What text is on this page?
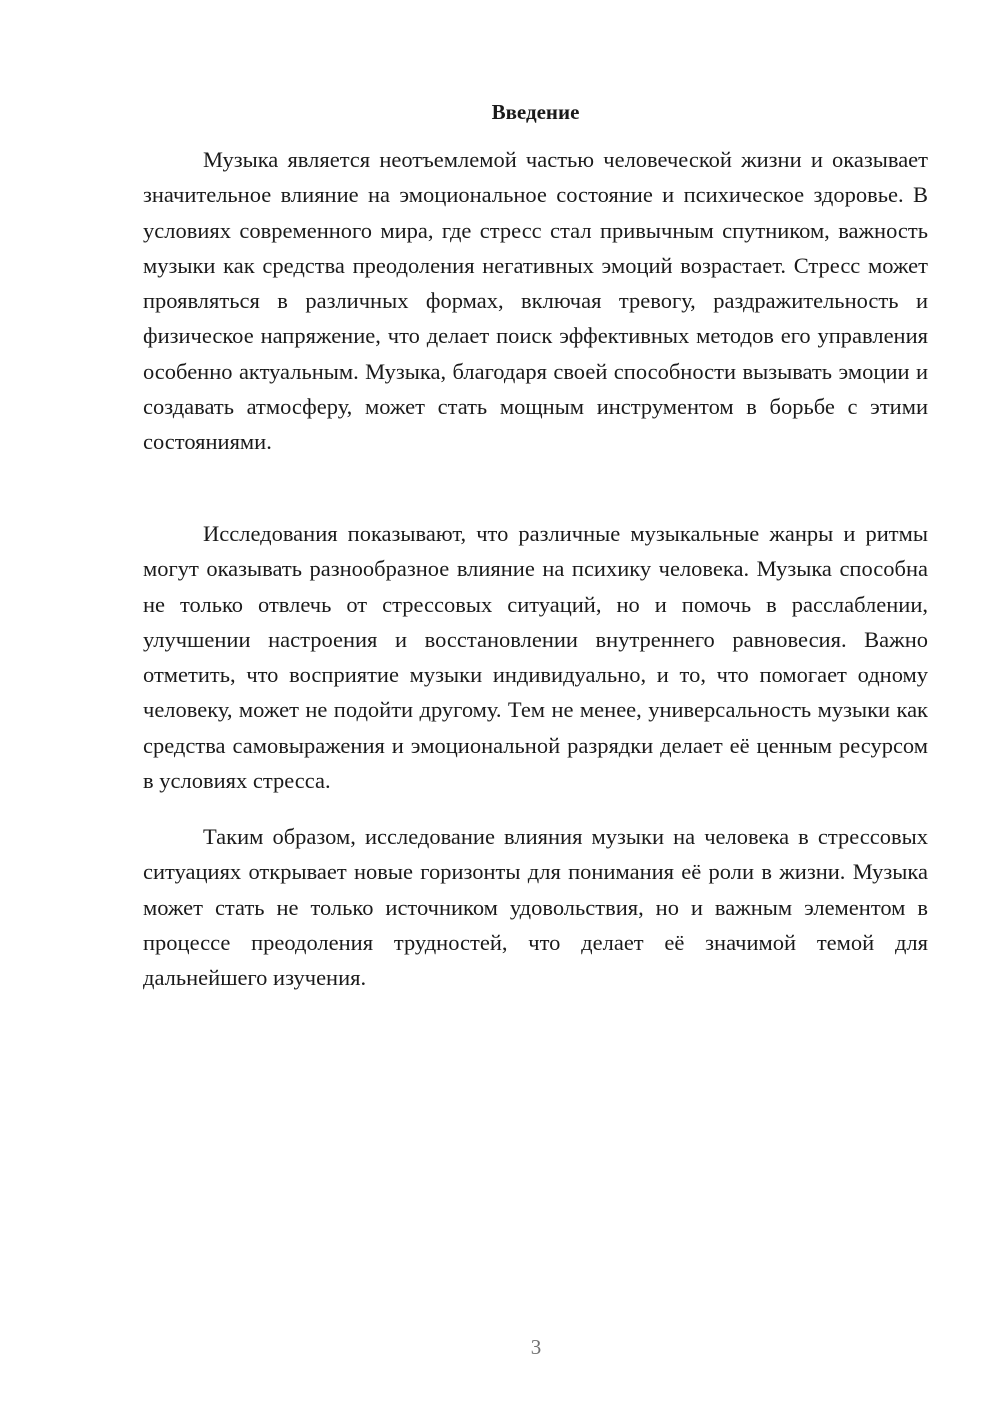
Введение

Музыка является неотъемлемой частью человеческой жизни и оказывает значительное влияние на эмоциональное состояние и психическое здоровье. В условиях современного мира, где стресс стал привычным спутником, важность музыки как средства преодоления негативных эмоций возрастает. Стресс может проявляться в различных формах, включая тревогу, раздражительность и физическое напряжение, что делает поиск эффективных методов его управления особенно актуальным. Музыка, благодаря своей способности вызывать эмоции и создавать атмосферу, может стать мощным инструментом в борьбе с этими состояниями.

Исследования показывают, что различные музыкальные жанры и ритмы могут оказывать разнообразное влияние на психику человека. Музыка способна не только отвлечь от стрессовых ситуаций, но и помочь в расслаблении, улучшении настроения и восстановлении внутреннего равновесия. Важно отметить, что восприятие музыки индивидуально, и то, что помогает одному человеку, может не подойти другому. Тем не менее, универсальность музыки как средства самовыражения и эмоциональной разрядки делает её ценным ресурсом в условиях стресса.

Таким образом, исследование влияния музыки на человека в стрессовых ситуациях открывает новые горизонты для понимания её роли в жизни. Музыка может стать не только источником удовольствия, но и важным элементом в процессе преодоления трудностей, что делает её значимой темой для дальнейшего изучения.

3
